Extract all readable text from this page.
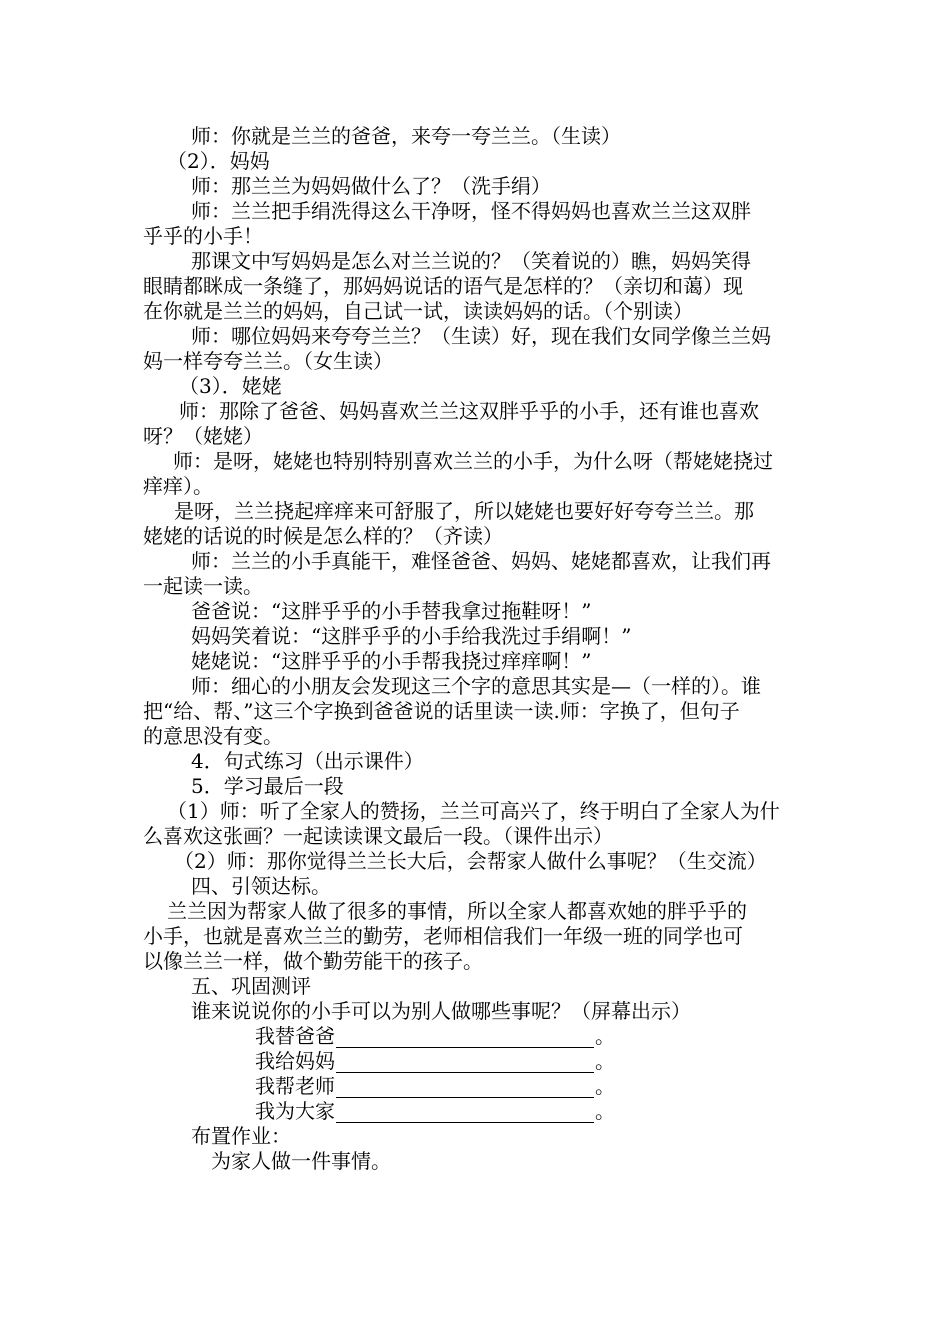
师：你就是兰兰的爸爸，来夸一夸兰兰。（生读）

（2）．妈妈

师：那兰兰为妈妈做什么了？（洗手绢）

师：兰兰把手绢洗得这么干净呀，怪不得妈妈也喜欢兰兰这双胖

乎乎的小手！

那课文中写妈妈是怎么对兰兰说的？（笑着说的）瞧，妈妈笑得

眼睛都眯成一条缝了，那妈妈说话的语气是怎样的？（亲切和蔼）现

在你就是兰兰的妈妈，自己试一试，读读妈妈的话。（个别读）

师：哪位妈妈来夸夸兰兰？（生读）好，现在我们女同学像兰兰妈

妈一样夸夸兰兰。（女生读）

（3）．姥姥

师：那除了爸爸、妈妈喜欢兰兰这双胖乎乎的小手，还有谁也喜欢

呀？（姥姥）

师：是呀，姥姥也特别特别喜欢兰兰的小手，为什么呀（帮姥姥挠过

痒痒）。

是呀，兰兰挠起痒痒来可舒服了，所以姥姥也要好好夸夸兰兰。那

姥姥的话说的时候是怎么样的？（齐读）

师：兰兰的小手真能干，难怪爸爸、妈妈、姥姥都喜欢，让我们再

一起读一读。

爸爸说：“这胖乎乎的小手替我拿过拖鞋呀！”

妈妈笑着说：“这胖乎乎的小手给我洗过手绢啊！”

姥姥说：“这胖乎乎的小手帮我挠过痒痒啊！”

师：细心的小朋友会发现这三个字的意思其实是—（一样的）。谁

把“给、帮、”这三个字换到爸爸说的话里读一读.师：字换了，但句子

的意思没有变。

4．句式练习（出示课件）

5．学习最后一段

（1）师：听了全家人的赞扬，兰兰可高兴了，终于明白了全家人为什

么喜欢这张画？一起读读课文最后一段。（课件出示）

（2）师：那你觉得兰兰长大后，会帮家人做什么事呢？（生交流）

四、引领达标。

兰兰因为帮家人做了很多的事情，所以全家人都喜欢她的胖乎乎的

小手，也就是喜欢兰兰的勤劳，老师相信我们一年级一班的同学也可

以像兰兰一样，做个勤劳能干的孩子。

五、巩固测评

谁来说说你的小手可以为别人做哪些事呢？（屏幕出示）

我替爸爸	。

我给妈妈	。

我帮老师	。

我为大家	。

布置作业：

为家人做一件事情。
